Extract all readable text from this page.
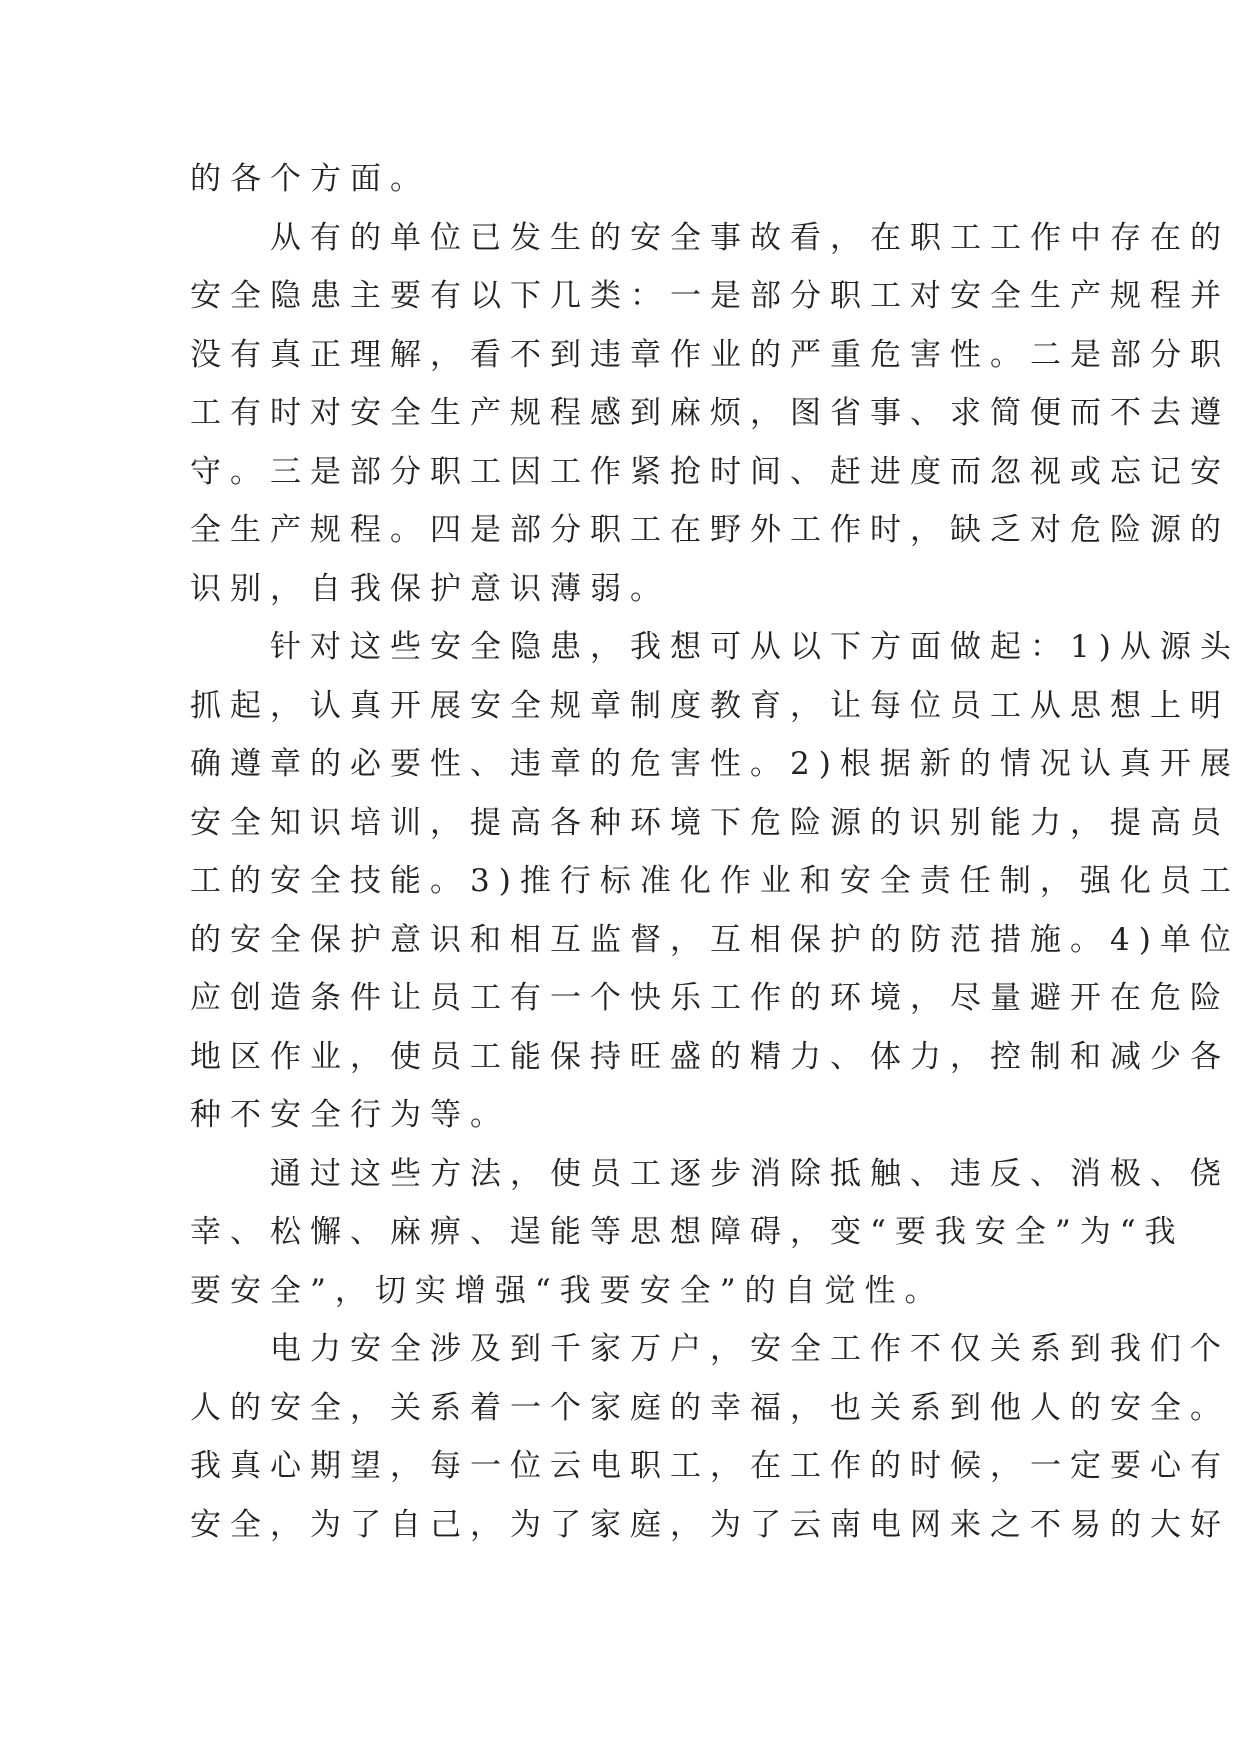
的各个方面。
从有的单位已发生的安全事故看，在职工工作中存在的
安全隐患主要有以下几类：一是部分职工对安全生产规程并
没有真正理解，看不到违章作业的严重危害性。二是部分职
工有时对安全生产规程感到麻烦，图省事、求简便而不去遵
守。三是部分职工因工作紧抢时间、赶进度而忽视或忘记安
全生产规程。四是部分职工在野外工作时，缺乏对危险源的
识别，自我保护意识薄弱。
针对这些安全隐患，我想可从以下方面做起：1)从源头
抓起，认真开展安全规章制度教育，让每位员工从思想上明
确遵章的必要性、违章的危害性。2)根据新的情况认真开展
安全知识培训，提高各种环境下危险源的识别能力，提高员
工的安全技能。3)推行标准化作业和安全责任制，强化员工
的安全保护意识和相互监督，互相保护的防范措施。4)单位
应创造条件让员工有一个快乐工作的环境，尽量避开在危险
地区作业，使员工能保持旺盛的精力、体力，控制和减少各
种不安全行为等。
通过这些方法，使员工逐步消除抵触、违反、消极、侥
幸、松懈、麻痹、逞能等思想障碍，变“要我安全”为“我
要安全”，切实增强“我要安全”的自觉性。
电力安全涉及到千家万户，安全工作不仅关系到我们个
人的安全，关系着一个家庭的幸福，也关系到他人的安全。
我真心期望，每一位云电职工，在工作的时候，一定要心有
安全，为了自己，为了家庭，为了云南电网来之不易的大好
